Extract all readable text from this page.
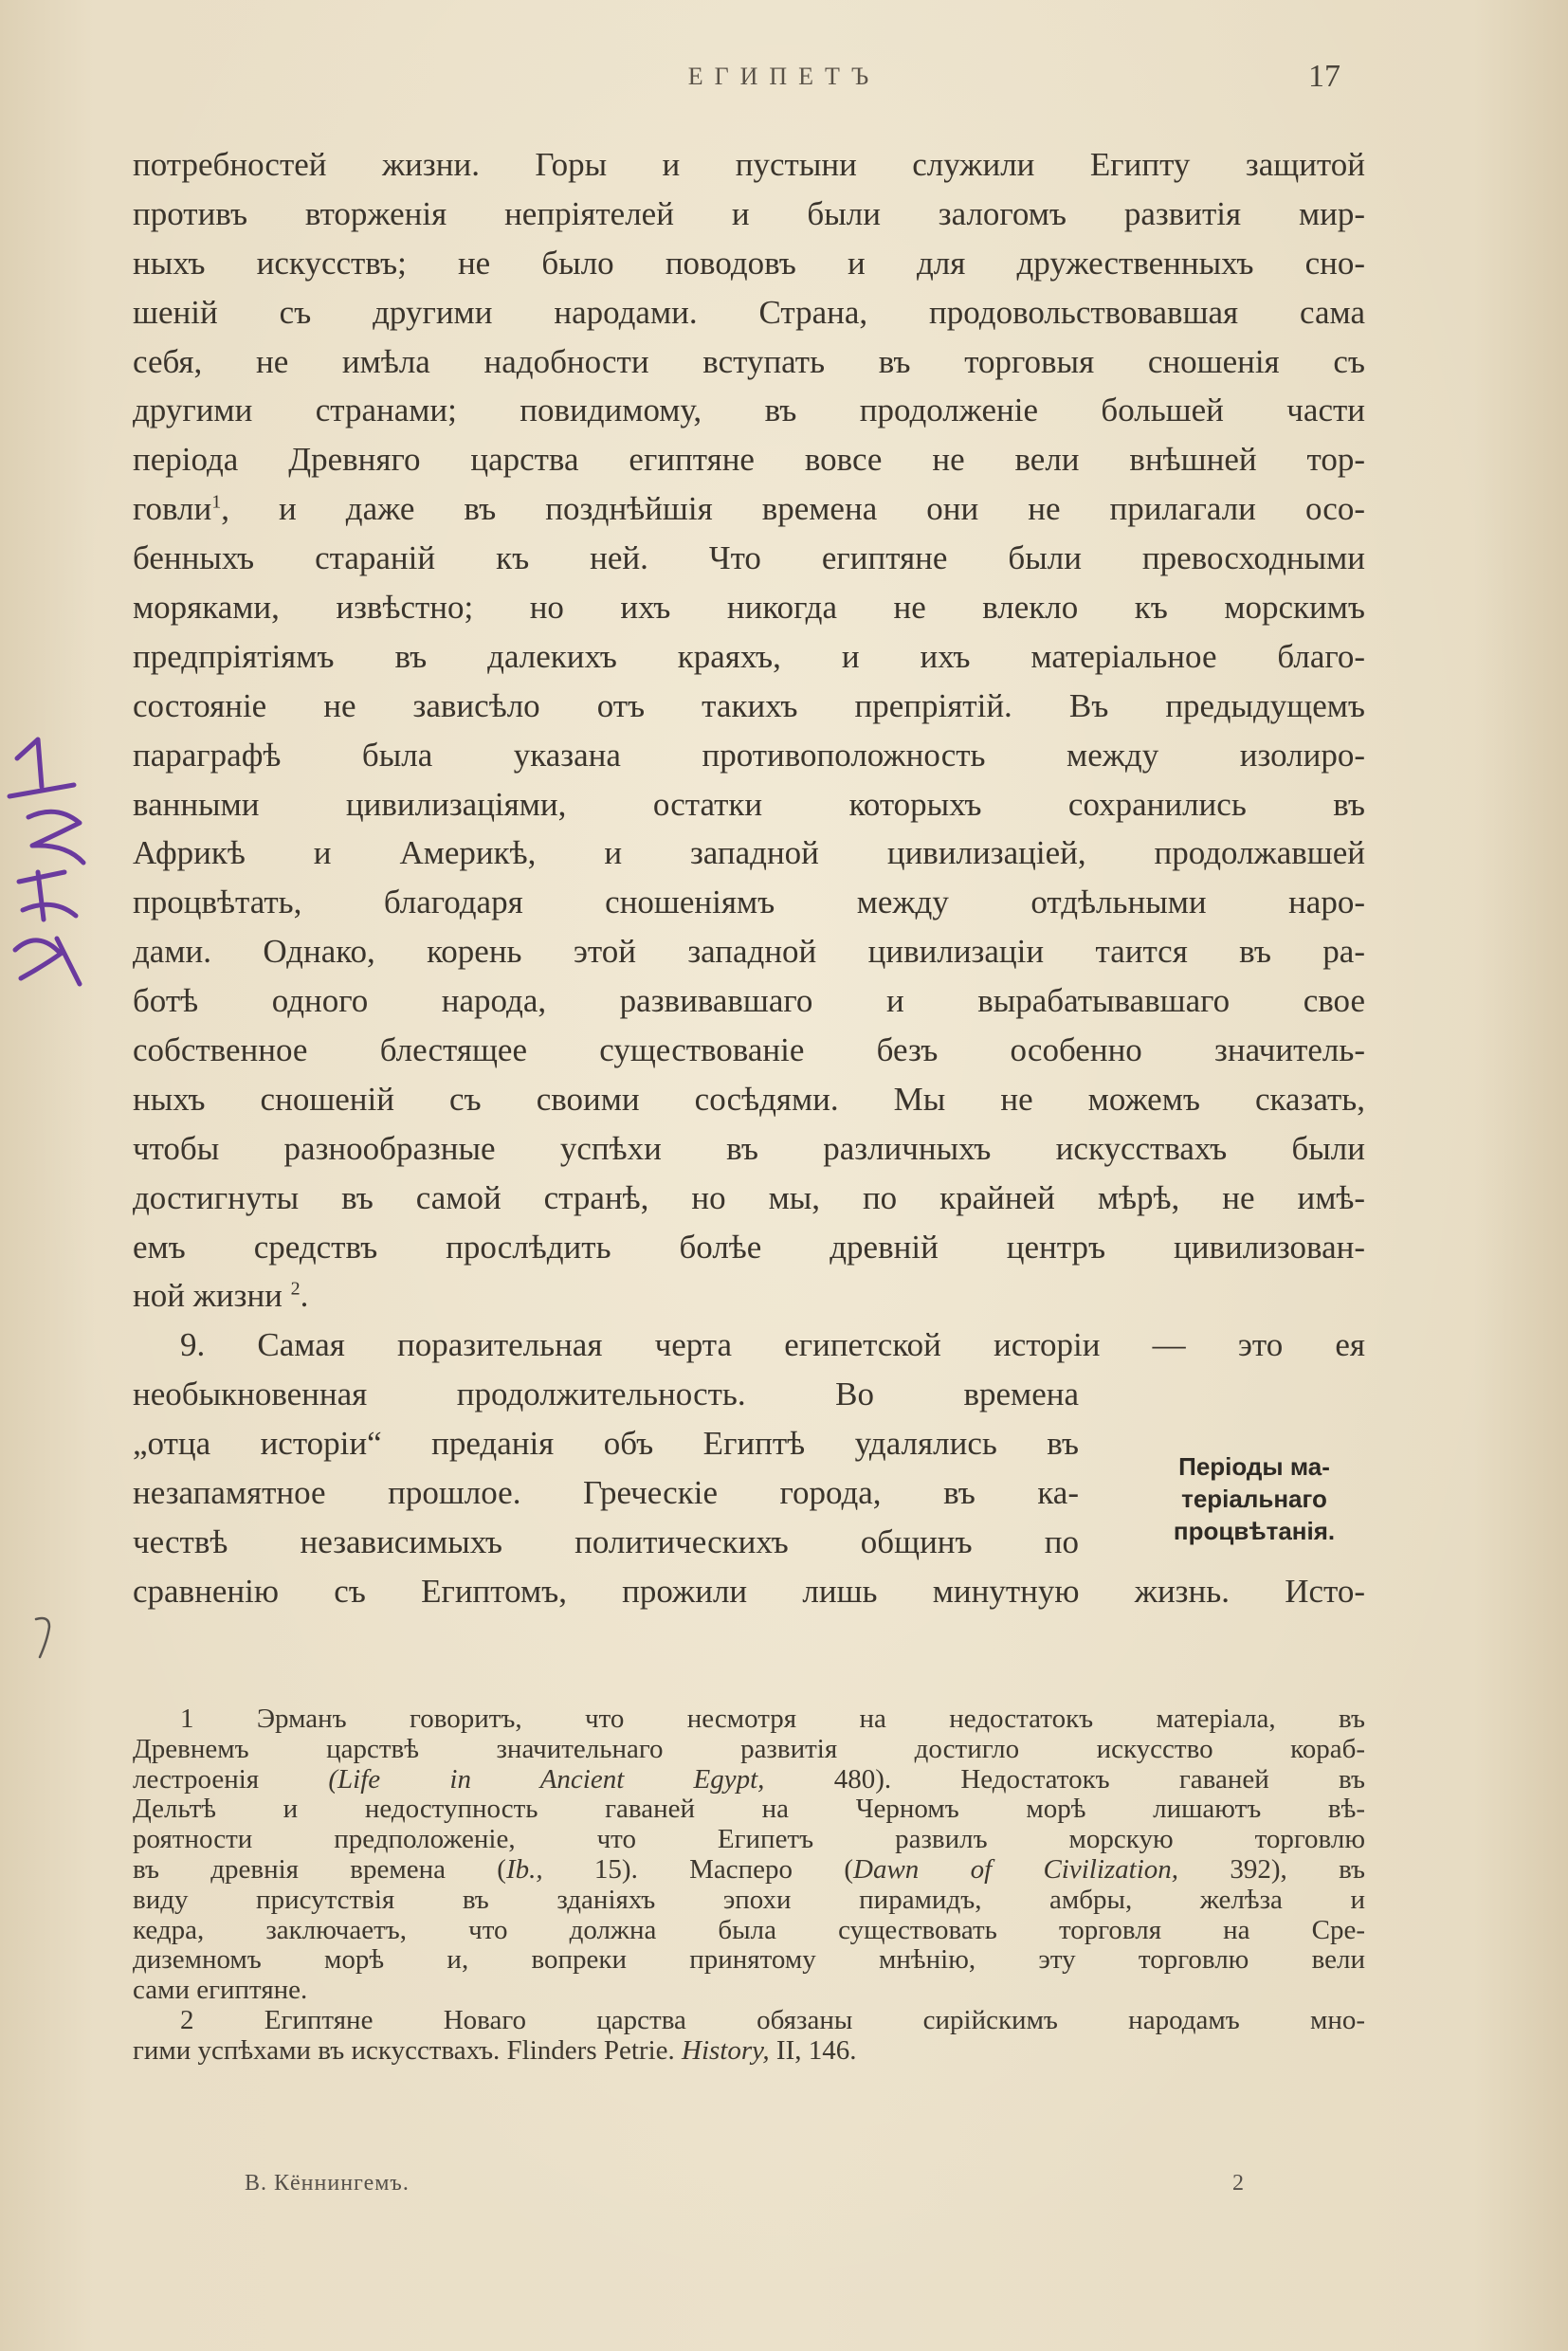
ЕГИПЕТЪ	17
потребностей жизни. Горы и пустыни служили Египту защитой
противъ вторженія непріятелей и были залогомъ развитія мир-
ныхъ искусствъ; не было поводовъ и для дружественныхъ сно-
шеній съ другими народами. Страна, продовольствовавшая сама
себя, не имѣла надобности вступать въ торговыя сношенія съ
другими странами; повидимому, въ продолженіе большей части
періода Древняго царства египтяне вовсе не вели внѣшней тор-
говли$^1$, и даже въ позднѣйшія времена они не прилагали осо-
бенныхъ стараній къ ней. Что египтяне были превосходными
моряками, извѣстно; но ихъ никогда не влекло къ морскимъ
предпріятіямъ въ далекихъ краяхъ, и ихъ матеріальное благо-
состояніе не зависѣло отъ такихъ препріятій. Въ предыдущемъ
параграфѣ была указана противоположность между изолиро-
ванными цивилизаціями, остатки которыхъ сохранились въ
Африкѣ и Америкѣ, и западной цивилизаціей, продолжавшей
процвѣтать, благодаря сношеніямъ между отдѣльными наро-
дами. Однако, корень этой западной цивилизаціи таится въ ра-
ботѣ одного народа, развивавшаго и вырабатывавшаго свое
собственное блестящее существованіе безъ особенно значитель-
ныхъ сношеній съ своими сосѣдями. Мы не можемъ сказать,
чтобы разнообразные успѣхи въ различныхъ искусствахъ были
достигнуты въ самой странѣ, но мы, по крайней мѣрѣ, не имѣ-
емъ средствъ прослѣдить болѣе древній центръ цивилизован-
ной жизни $^2$.
9. Самая поразительная черта египетской исторіи — это ея
необыкновенная продолжительность. Во времена
„отца исторіи“ преданія объ Египтѣ удалялись въ
незапамятное прошлое. Греческіе города, въ ка-
чествѣ независимыхъ политическихъ общинъ по
сравненію съ Египтомъ, прожили лишь минутную жизнь. Исто-
Періоды ма-
теріальнаго
процвѣтанія.
1 Эрманъ говоритъ, что несмотря на недостатокъ матеріала, въ
Древнемъ царствѣ значительнаго развитія достигло искусство кораб-
лестроенія	(Life in Ancient Egypt,	480). Недостатокъ гаваней въ
Дельтѣ и недоступность гаваней на Черномъ морѣ лишаютъ вѣ-
роятности предположеніе, что Египетъ развилъ морскую торговлю
въ древнія времена (Ib., 15). Масперо (Dawn of Civilization, 392), въ
виду присутствія въ зданіяхъ эпохи пирамидъ, амбры, желѣза и
кедра, заключаетъ, что должна была существовать торговля на Сре-
диземномъ морѣ и, вопреки принятому мнѣнію, эту торговлю вели
сами египтяне.
2 Египтяне Новаго царства обязаны сирійскимъ народамъ мно-
гими успѣхами въ искусствахъ. Flinders Petrie. History, II, 146.
В. Кённингемъ.	2
